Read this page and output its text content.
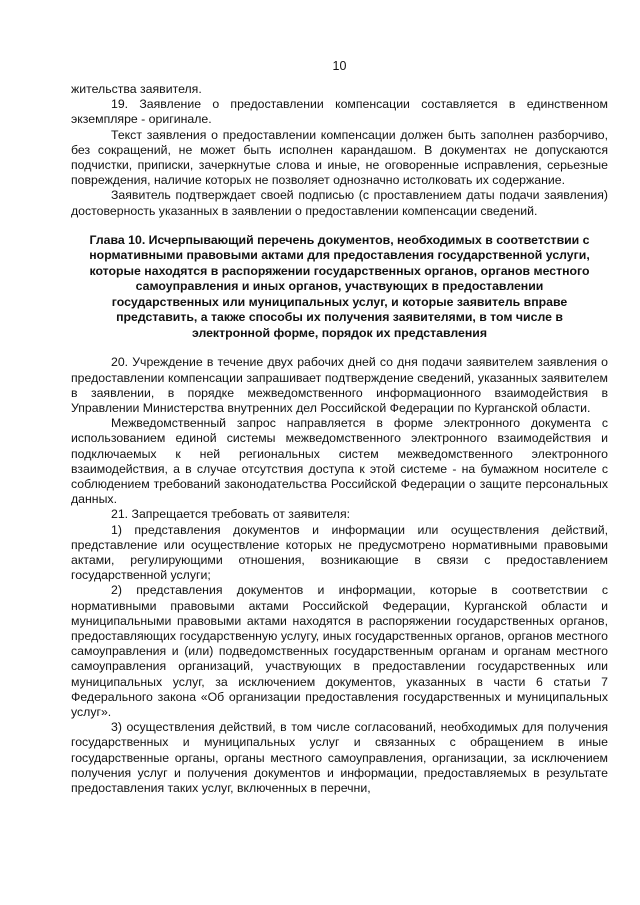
10

жительства заявителя.

19. Заявление о предоставлении компенсации составляется в единственном экземпляре - оригинале.

Текст заявления о предоставлении компенсации должен быть заполнен разборчиво, без сокращений, не может быть исполнен карандашом. В документах не допускаются подчистки, приписки, зачеркнутые слова и иные, не оговоренные исправления, серьезные повреждения, наличие которых не позволяет однозначно истолковать их содержание.

Заявитель подтверждает своей подписью (с проставлением даты подачи заявления) достоверность указанных в заявлении о предоставлении компенсации сведений.

Глава 10. Исчерпывающий перечень документов, необходимых в соответствии с нормативными правовыми актами для предоставления государственной услуги, которые находятся в распоряжении государственных органов, органов местного самоуправления и иных органов, участвующих в предоставлении государственных или муниципальных услуг, и которые заявитель вправе представить, а также способы их получения заявителями, в том числе в электронной форме, порядок их представления

20. Учреждение в течение двух рабочих дней со дня подачи заявителем заявления о предоставлении компенсации запрашивает подтверждение сведений, указанных заявителем в заявлении, в порядке межведомственного информационного взаимодействия в Управлении Министерства внутренних дел Российской Федерации по Курганской области.

Межведомственный запрос направляется в форме электронного документа с использованием единой системы межведомственного электронного взаимодействия и подключаемых к ней региональных систем межведомственного электронного взаимодействия, а в случае отсутствия доступа к этой системе - на бумажном носителе с соблюдением требований законодательства Российской Федерации о защите персональных данных.

21. Запрещается требовать от заявителя:

1) представления документов и информации или осуществления действий, представление или осуществление которых не предусмотрено нормативными правовыми актами, регулирующими отношения, возникающие в связи с предоставлением государственной услуги;

2) представления документов и информации, которые в соответствии с нормативными правовыми актами Российской Федерации, Курганской области и муниципальными правовыми актами находятся в распоряжении государственных органов, предоставляющих государственную услугу, иных государственных органов, органов местного самоуправления и (или) подведомственных государственным органам и органам местного самоуправления организаций, участвующих в предоставлении государственных или муниципальных услуг, за исключением документов, указанных в части 6 статьи 7 Федерального закона «Об организации предоставления государственных и муниципальных услуг».

3) осуществления действий, в том числе согласований, необходимых для получения государственных и муниципальных услуг и связанных с обращением в иные государственные органы, органы местного самоуправления, организации, за исключением получения услуг и получения документов и информации, предоставляемых в результате предоставления таких услуг, включенных в перечни,
